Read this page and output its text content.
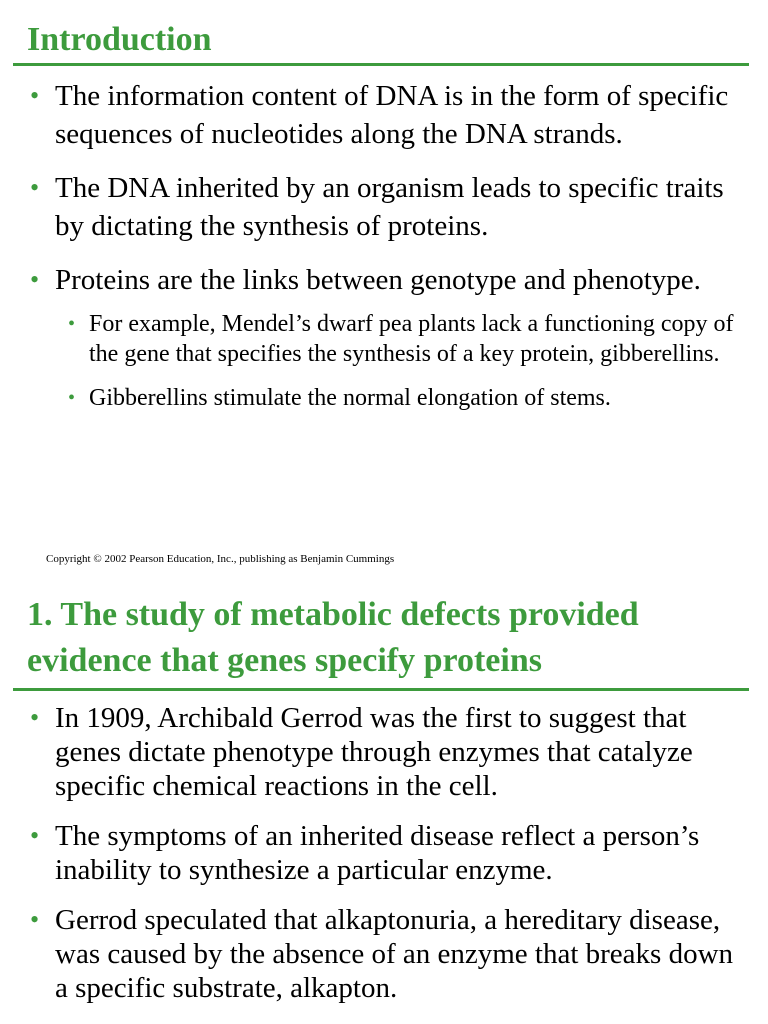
Introduction
• The information content of DNA is in the form of specific sequences of nucleotides along the DNA strands.
• The DNA inherited by an organism leads to specific traits by dictating the synthesis of proteins.
• Proteins are the links between genotype and phenotype.
• For example, Mendel’s dwarf pea plants lack a functioning copy of the gene that specifies the synthesis of a key protein, gibberellins.
• Gibberellins stimulate the normal elongation of stems.

Copyright © 2002 Pearson Education, Inc., publishing as Benjamin Cummings

1. The study of metabolic defects provided evidence that genes specify proteins
• In 1909, Archibald Gerrod was the first to suggest that genes dictate phenotype through enzymes that catalyze specific chemical reactions in the cell.
• The symptoms of an inherited disease reflect a person’s inability to synthesize a particular enzyme.
• Gerrod speculated that alkaptonuria, a hereditary disease, was caused by the absence of an enzyme that breaks down a specific substrate, alkapton.
